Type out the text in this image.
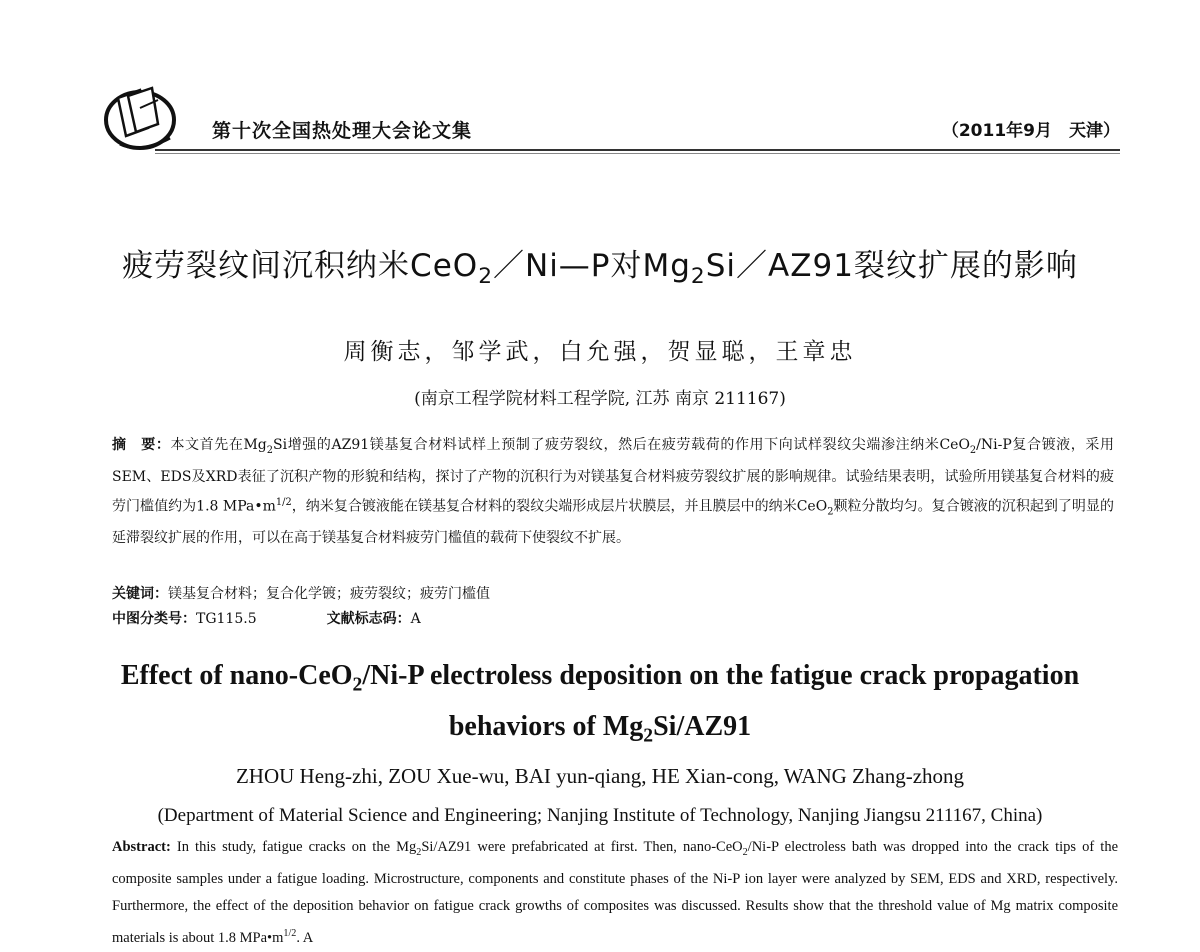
第十次全国热处理大会论文集	（2011年9月　天津）
疲劳裂纹间沉积纳米CeO$_2$／Ni—P对$Mg_2Si/AZ91$裂纹扩展的影响
周衡志，邹学武，白允强，贺显聪，王章忠
(南京工程学院材料工程学院, 江苏 南京 211167)
摘　要：本文首先在$Mg_2Si$增强的AZ91镁基复合材料试样上预制了疲劳裂纹，然后在疲劳载荷的作用下向试样裂纹尖端渗注纳米CeO$_2$/Ni-P复合镀液，采用SEM、EDS及XRD表征了沉积产物的形貌和结构，探讨了产物的沉积行为对镁基复合材料疲劳裂纹扩展的影响规律。试验结果表明，试验所用镁基复合材料的疲劳门槛值约为1.8 $MPa•m^{1/2}$，纳米复合镀液能在镁基复合材料的裂纹尖端形成层片状膜层，并且膜层中的纳米CeO$_2$颗粒分散均匀。复合镀液的沉积起到了明显的延滞裂纹扩展的作用，可以在高于镁基复合材料疲劳门槛值的载荷下使裂纹不扩展。
关键词：镁基复合材料；复合化学镀；疲劳裂纹；疲劳门槛值
中图分类号：TG115.5	文献标志码：A
Effect of nano-CeO$_2$/Ni-P electroless deposition on the fatigue crack propagation
behaviors of $Mg_2Si/AZ91$
ZHOU Heng-zhi, ZOU Xue-wu, BAI yun-qiang, HE Xian-cong, WANG Zhang-zhong
(Department of Material Science and Engineering; Nanjing Institute of Technology, Nanjing Jiangsu 211167, China)
Abstract: In this study, fatigue cracks on the $Mg_2Si/AZ91$ were prefabricated at first. Then, nano-CeO$_2$/Ni-P electroless bath was dropped into the crack tips of the composite samples under a fatigue loading. Microstructure, components and constitute phases of the Ni-P ion layer were analyzed by SEM, EDS and XRD, respectively. Furthermore, the effect of the deposition behavior on fatigue crack growths of composites was discussed. Results show that the threshold value of Mg matrix composite materials is about 1.8 $MPa•m^{1/2}$. A
